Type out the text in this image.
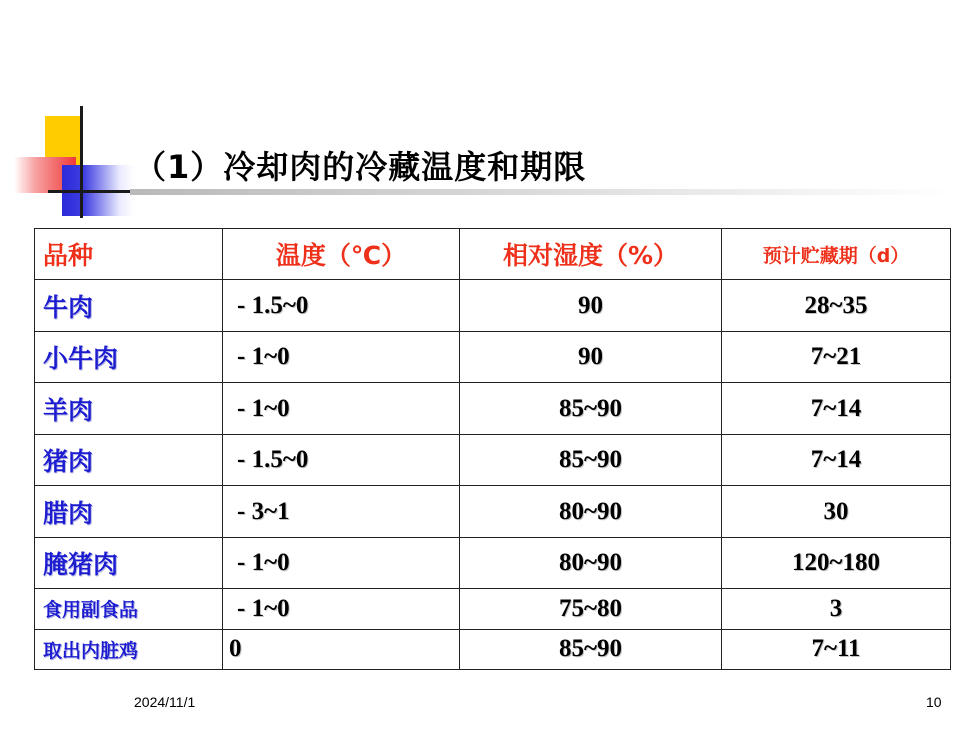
（1）冷却肉的冷藏温度和期限
品种	温度（℃）	相对湿度（%）	预计贮藏期（d）
牛肉	- 1.5~0	90	28~35
小牛肉	- 1~0	90	7~21
羊肉	- 1~0	85~90	7~14
猪肉	- 1.5~0	85~90	7~14
腊肉	- 3~1	80~90	30
腌猪肉	- 1~0	80~90	120~180
食用副食品	- 1~0	75~80	3
取出内脏鸡	0	85~90	7~11
2024/11/1	10
